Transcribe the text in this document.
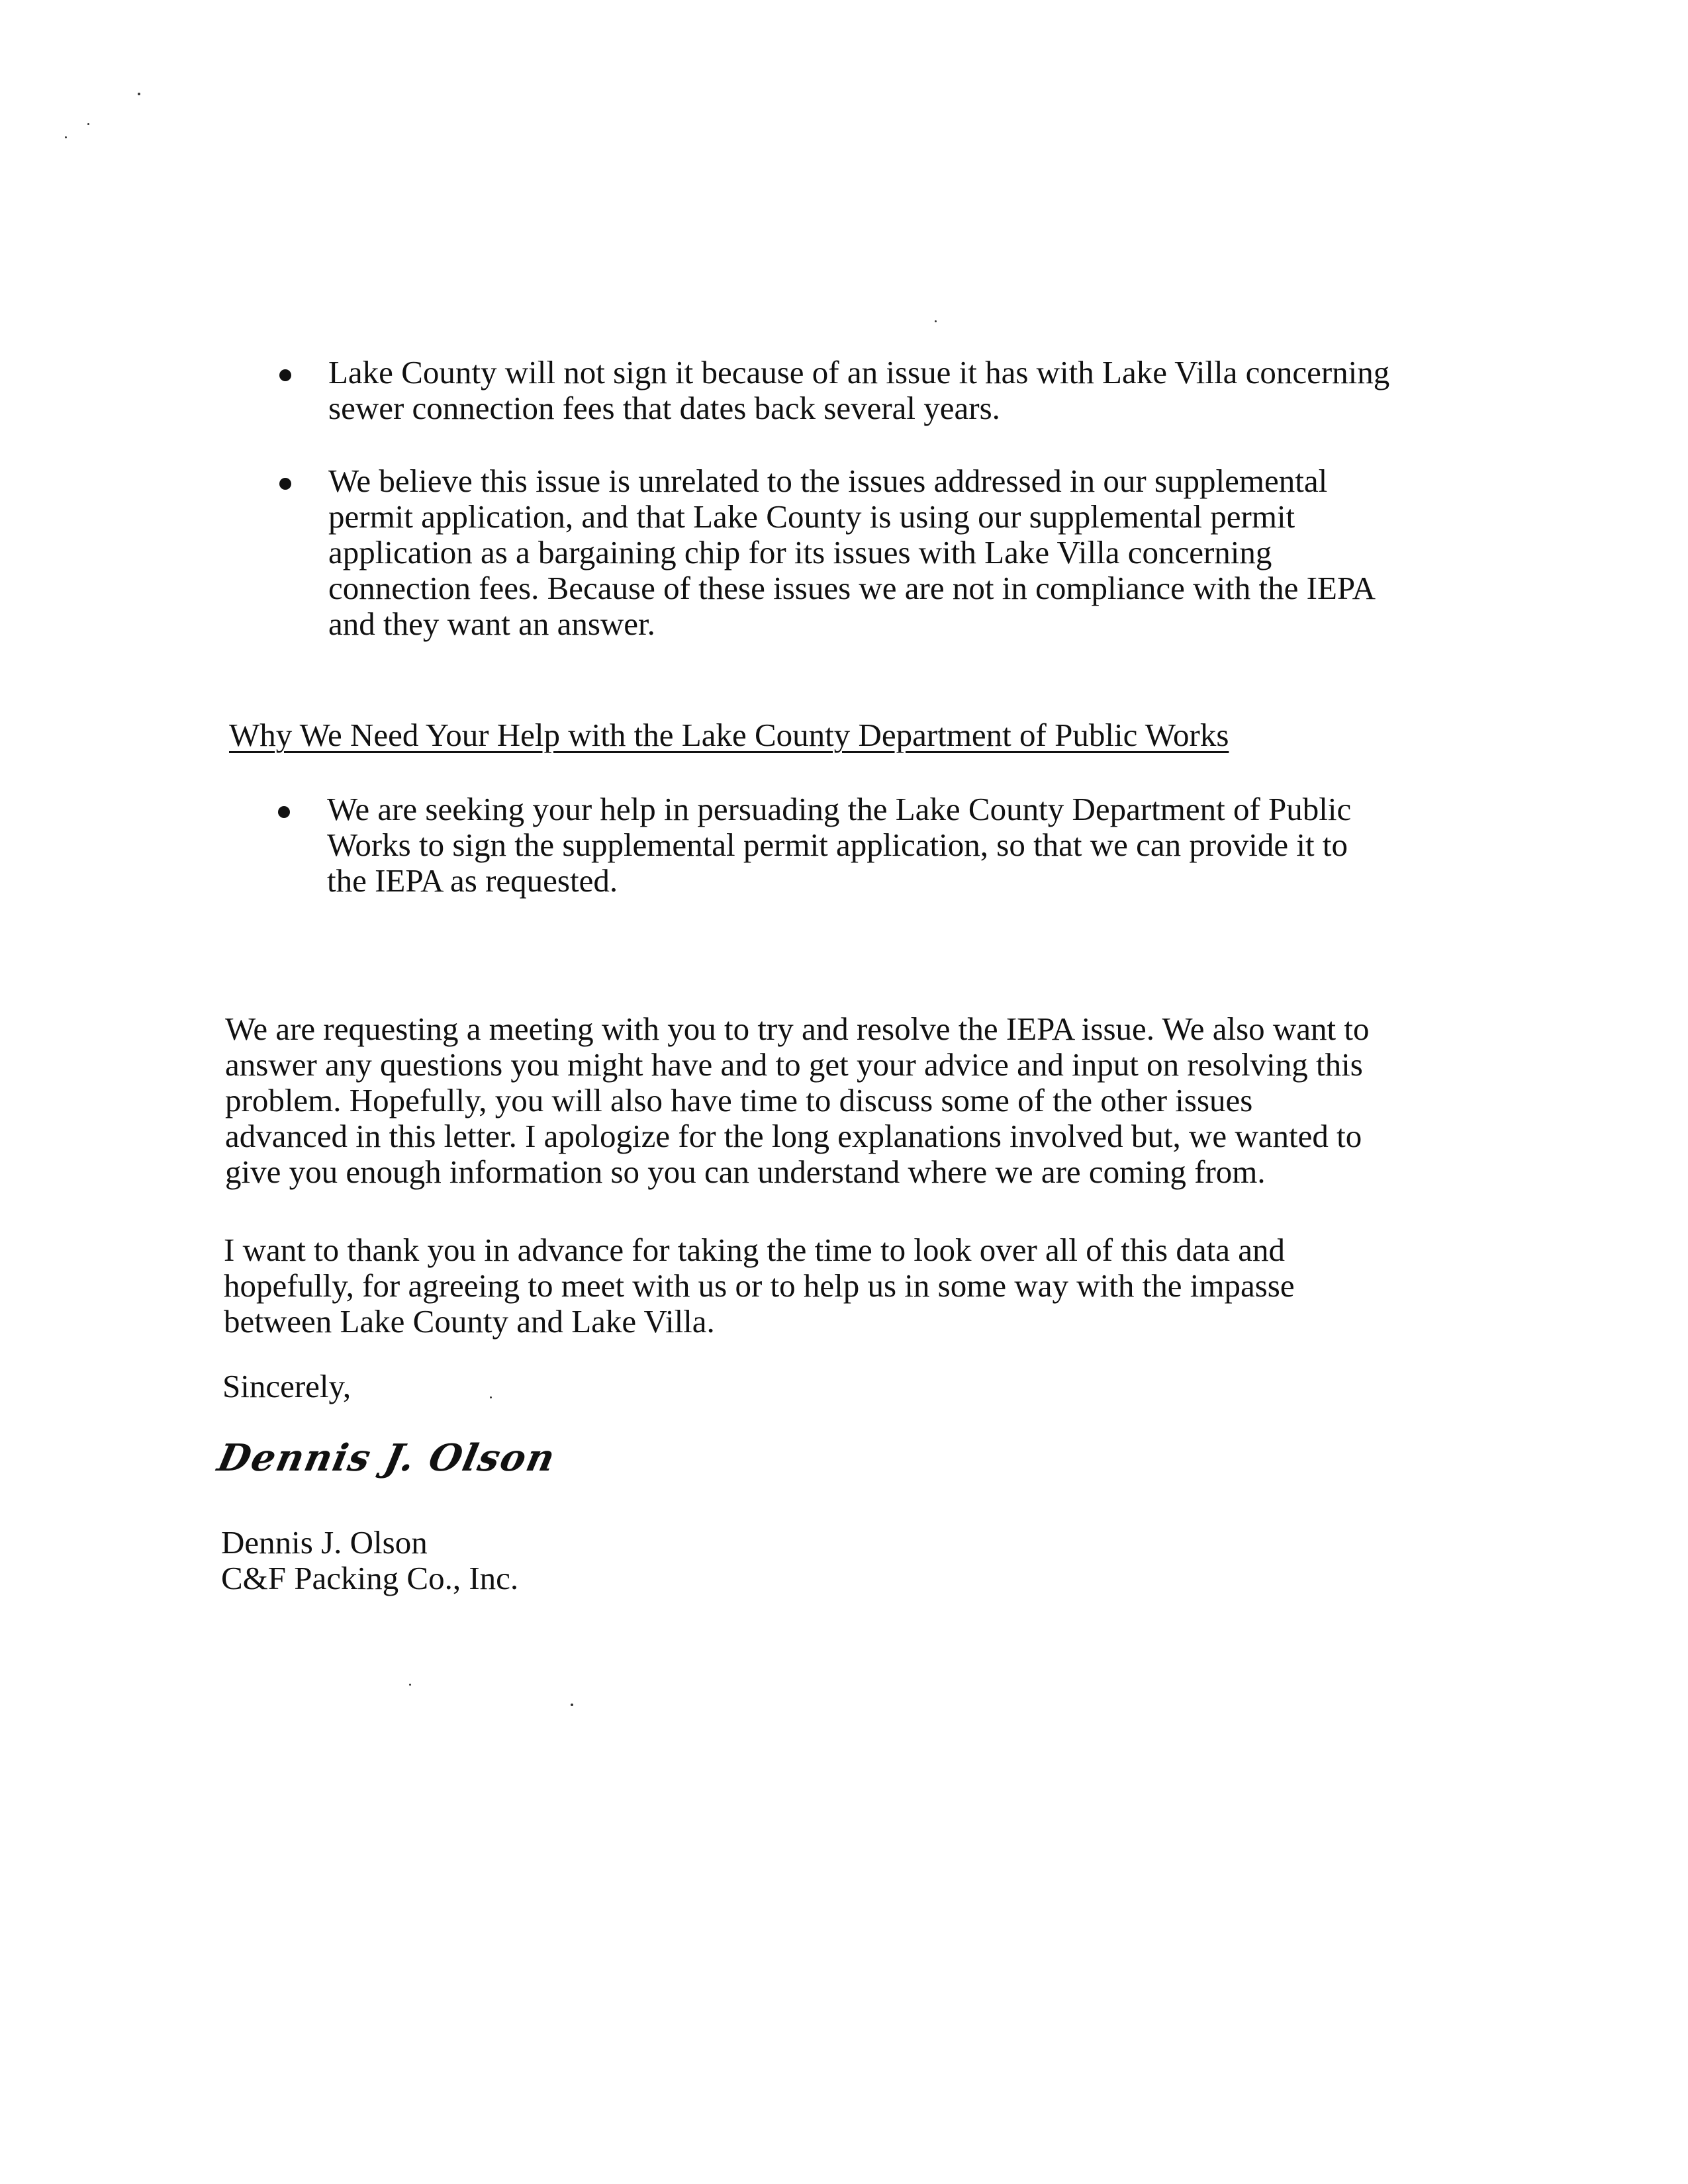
Lake County will not sign it because of an issue it has with Lake Villa concerning
sewer connection fees that dates back several years.
We believe this issue is unrelated to the issues addressed in our supplemental
permit application, and that Lake County is using our supplemental permit
application as a bargaining chip for its issues with Lake Villa concerning
connection fees. Because of these issues we are not in compliance with the IEPA
and they want an answer.
Why We Need Your Help with the Lake County Department of Public Works
We are seeking your help in persuading the Lake County Department of Public
Works to sign the supplemental permit application, so that we can provide it to
the IEPA as requested.
We are requesting a meeting with you to try and resolve the IEPA issue. We also want to
answer any questions you might have and to get your advice and input on resolving this
problem. Hopefully, you will also have time to discuss some of the other issues
advanced in this letter. I apologize for the long explanations involved but, we wanted to
give you enough information so you can understand where we are coming from.
I want to thank you in advance for taking the time to look over all of this data and
hopefully, for agreeing to meet with us or to help us in some way with the impasse
between Lake County and Lake Villa.
Sincerely,
Dennis J. Olson
Dennis J. Olson
C&F Packing Co., Inc.
